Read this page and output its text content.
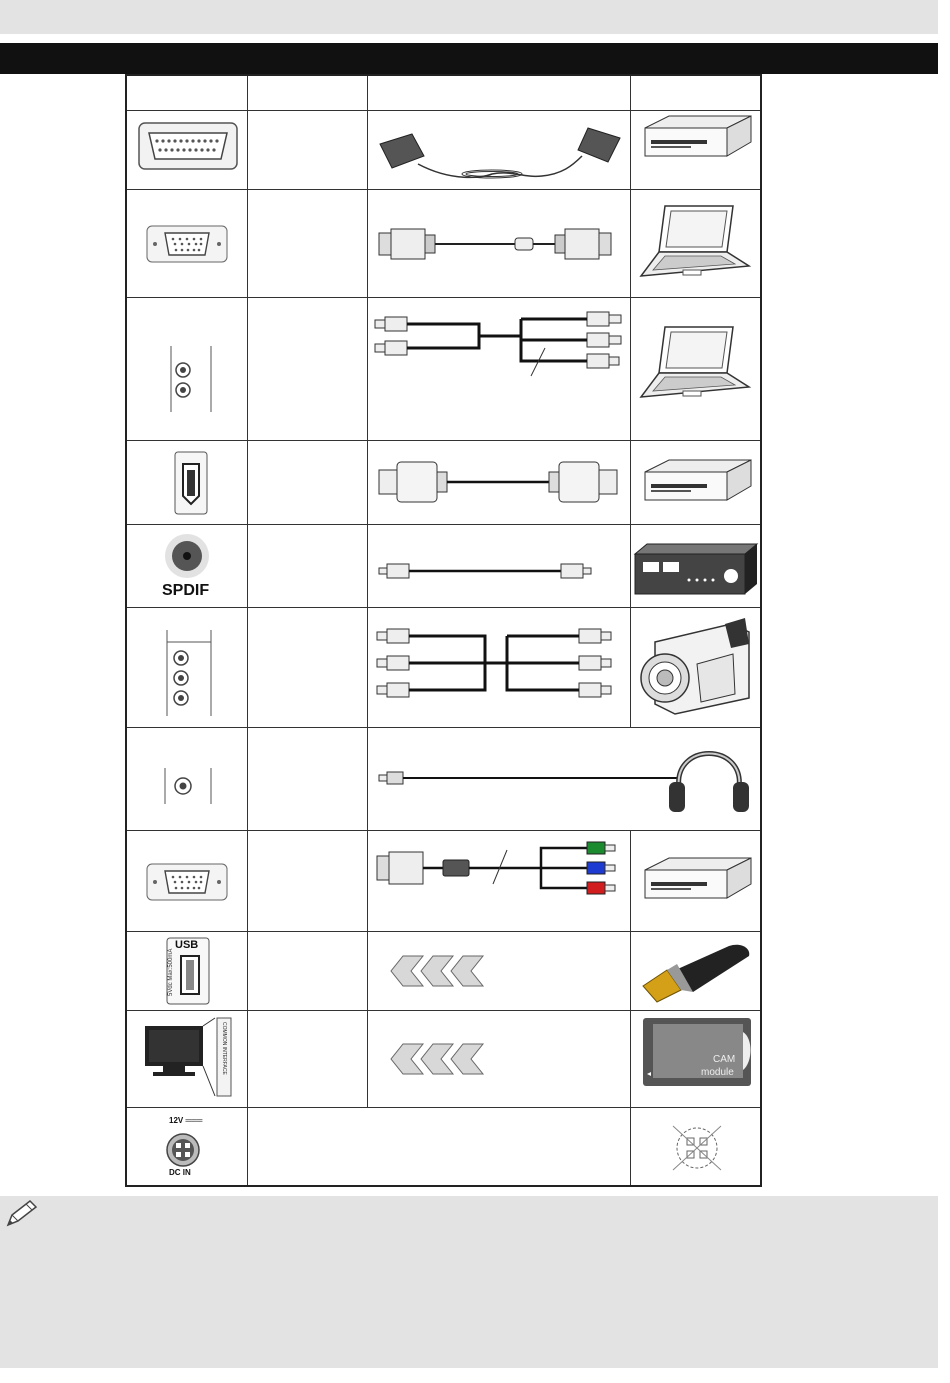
SPDIF
USB
5Vdc Max:500mA
COMMON INTERFACE	CAM
module
12V ═══
DC IN
